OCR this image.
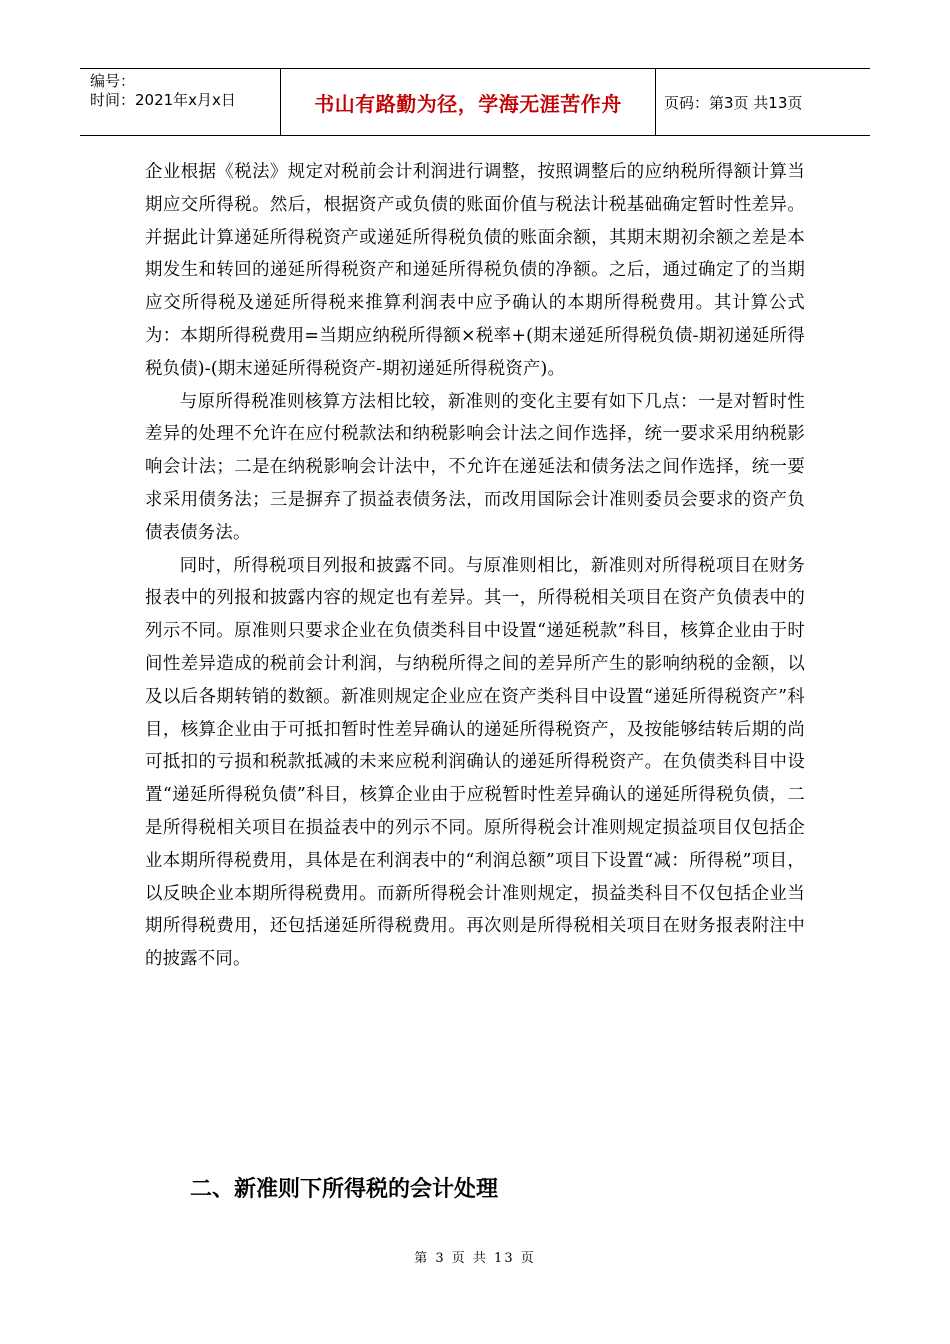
编号：
时间：2021年x月x日	书山有路勤为径，学海无涯苦作舟	页码：第3页 共13页

企业根据《税法》规定对税前会计利润进行调整，按照调整后的应纳税所得额计算当期应交所得税。然后，根据资产或负债的账面价值与税法计税基础确定暂时性差异。并据此计算递延所得税资产或递延所得税负债的账面余额，其期末期初余额之差是本期发生和转回的递延所得税资产和递延所得税负债的净额。之后，通过确定了的当期应交所得税及递延所得税来推算利润表中应予确认的本期所得税费用。其计算公式为：本期所得税费用=当期应纳税所得额×税率+(期末递延所得税负债-期初递延所得税负债)-(期末递延所得税资产-期初递延所得税资产)。

与原所得税准则核算方法相比较，新准则的变化主要有如下几点：一是对暂时性差异的处理不允许在应付税款法和纳税影响会计法之间作选择，统一要求采用纳税影响会计法；二是在纳税影响会计法中，不允许在递延法和债务法之间作选择，统一要求采用债务法；三是摒弃了损益表债务法，而改用国际会计准则委员会要求的资产负债表债务法。

同时，所得税项目列报和披露不同。与原准则相比，新准则对所得税项目在财务报表中的列报和披露内容的规定也有差异。其一，所得税相关项目在资产负债表中的列示不同。原准则只要求企业在负债类科目中设置“递延税款”科目，核算企业由于时间性差异造成的税前会计利润，与纳税所得之间的差异所产生的影响纳税的金额，以及以后各期转销的数额。新准则规定企业应在资产类科目中设置“递延所得税资产”科目，核算企业由于可抵扣暂时性差异确认的递延所得税资产，及按能够结转后期的尚可抵扣的亏损和税款抵减的未来应税利润确认的递延所得税资产。在负债类科目中设置“递延所得税负债”科目，核算企业由于应税暂时性差异确认的递延所得税负债，二是所得税相关项目在损益表中的列示不同。原所得税会计准则规定损益项目仅包括企业本期所得税费用，具体是在利润表中的“利润总额”项目下设置“减：所得税”项目，以反映企业本期所得税费用。而新所得税会计准则规定，损益类科目不仅包括企业当期所得税费用，还包括递延所得税费用。再次则是所得税相关项目在财务报表附注中的披露不同。

二、新准则下所得税的会计处理
第 3 页 共 13 页
